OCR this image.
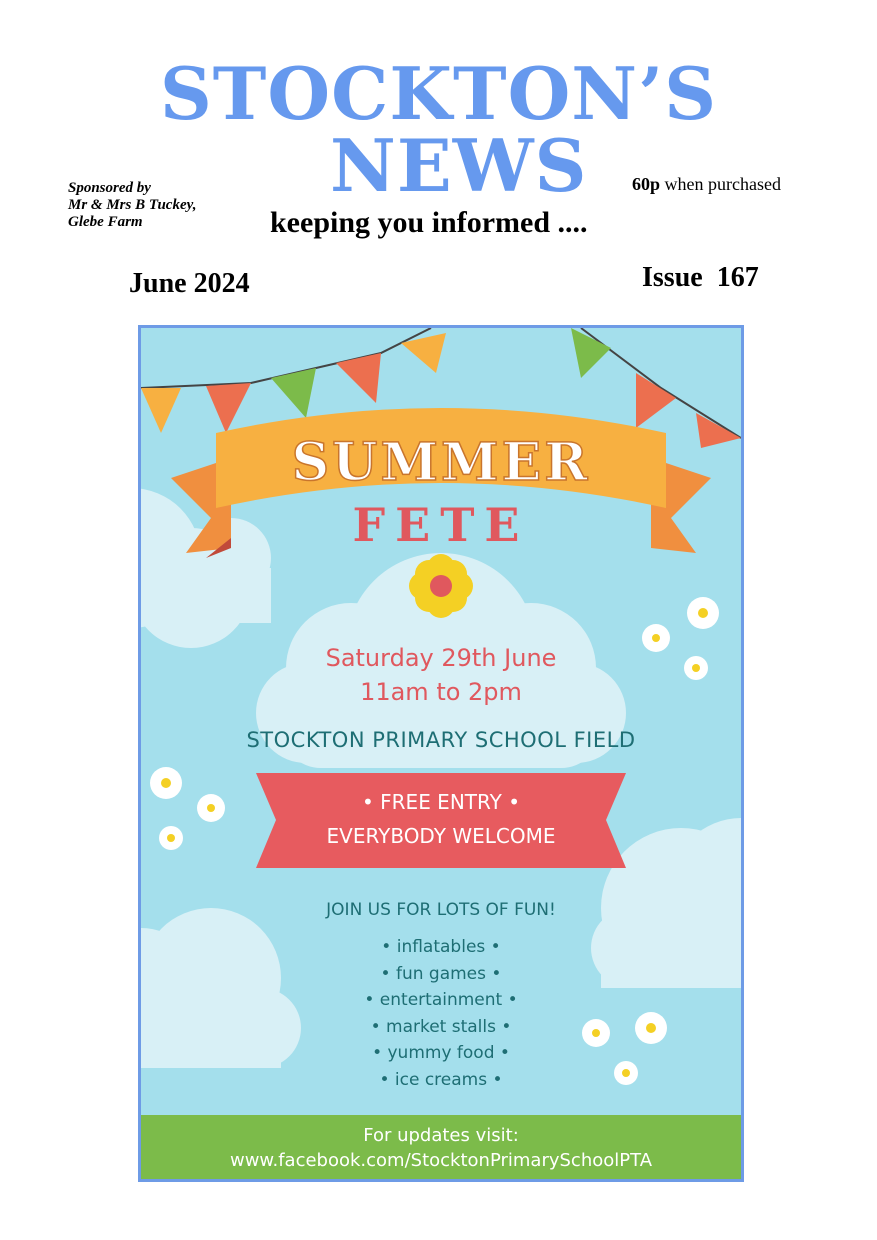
STOCKTON’S
NEWS
Sponsored by
Mr & Mrs B Tuckey,
Glebe Farm
60p when purchased
keeping you informed ....
June 2024	Issue  167
SUMMER
FETE
Saturday 29th June
11am to 2pm
STOCKTON PRIMARY SCHOOL FIELD
• FREE ENTRY •
EVERYBODY WELCOME
JOIN US FOR LOTS OF FUN!
• inflatables •
• fun games •
• entertainment •
• market stalls •
• yummy food •
• ice creams •
For updates visit:
www.facebook.com/StocktonPrimarySchoolPTA
